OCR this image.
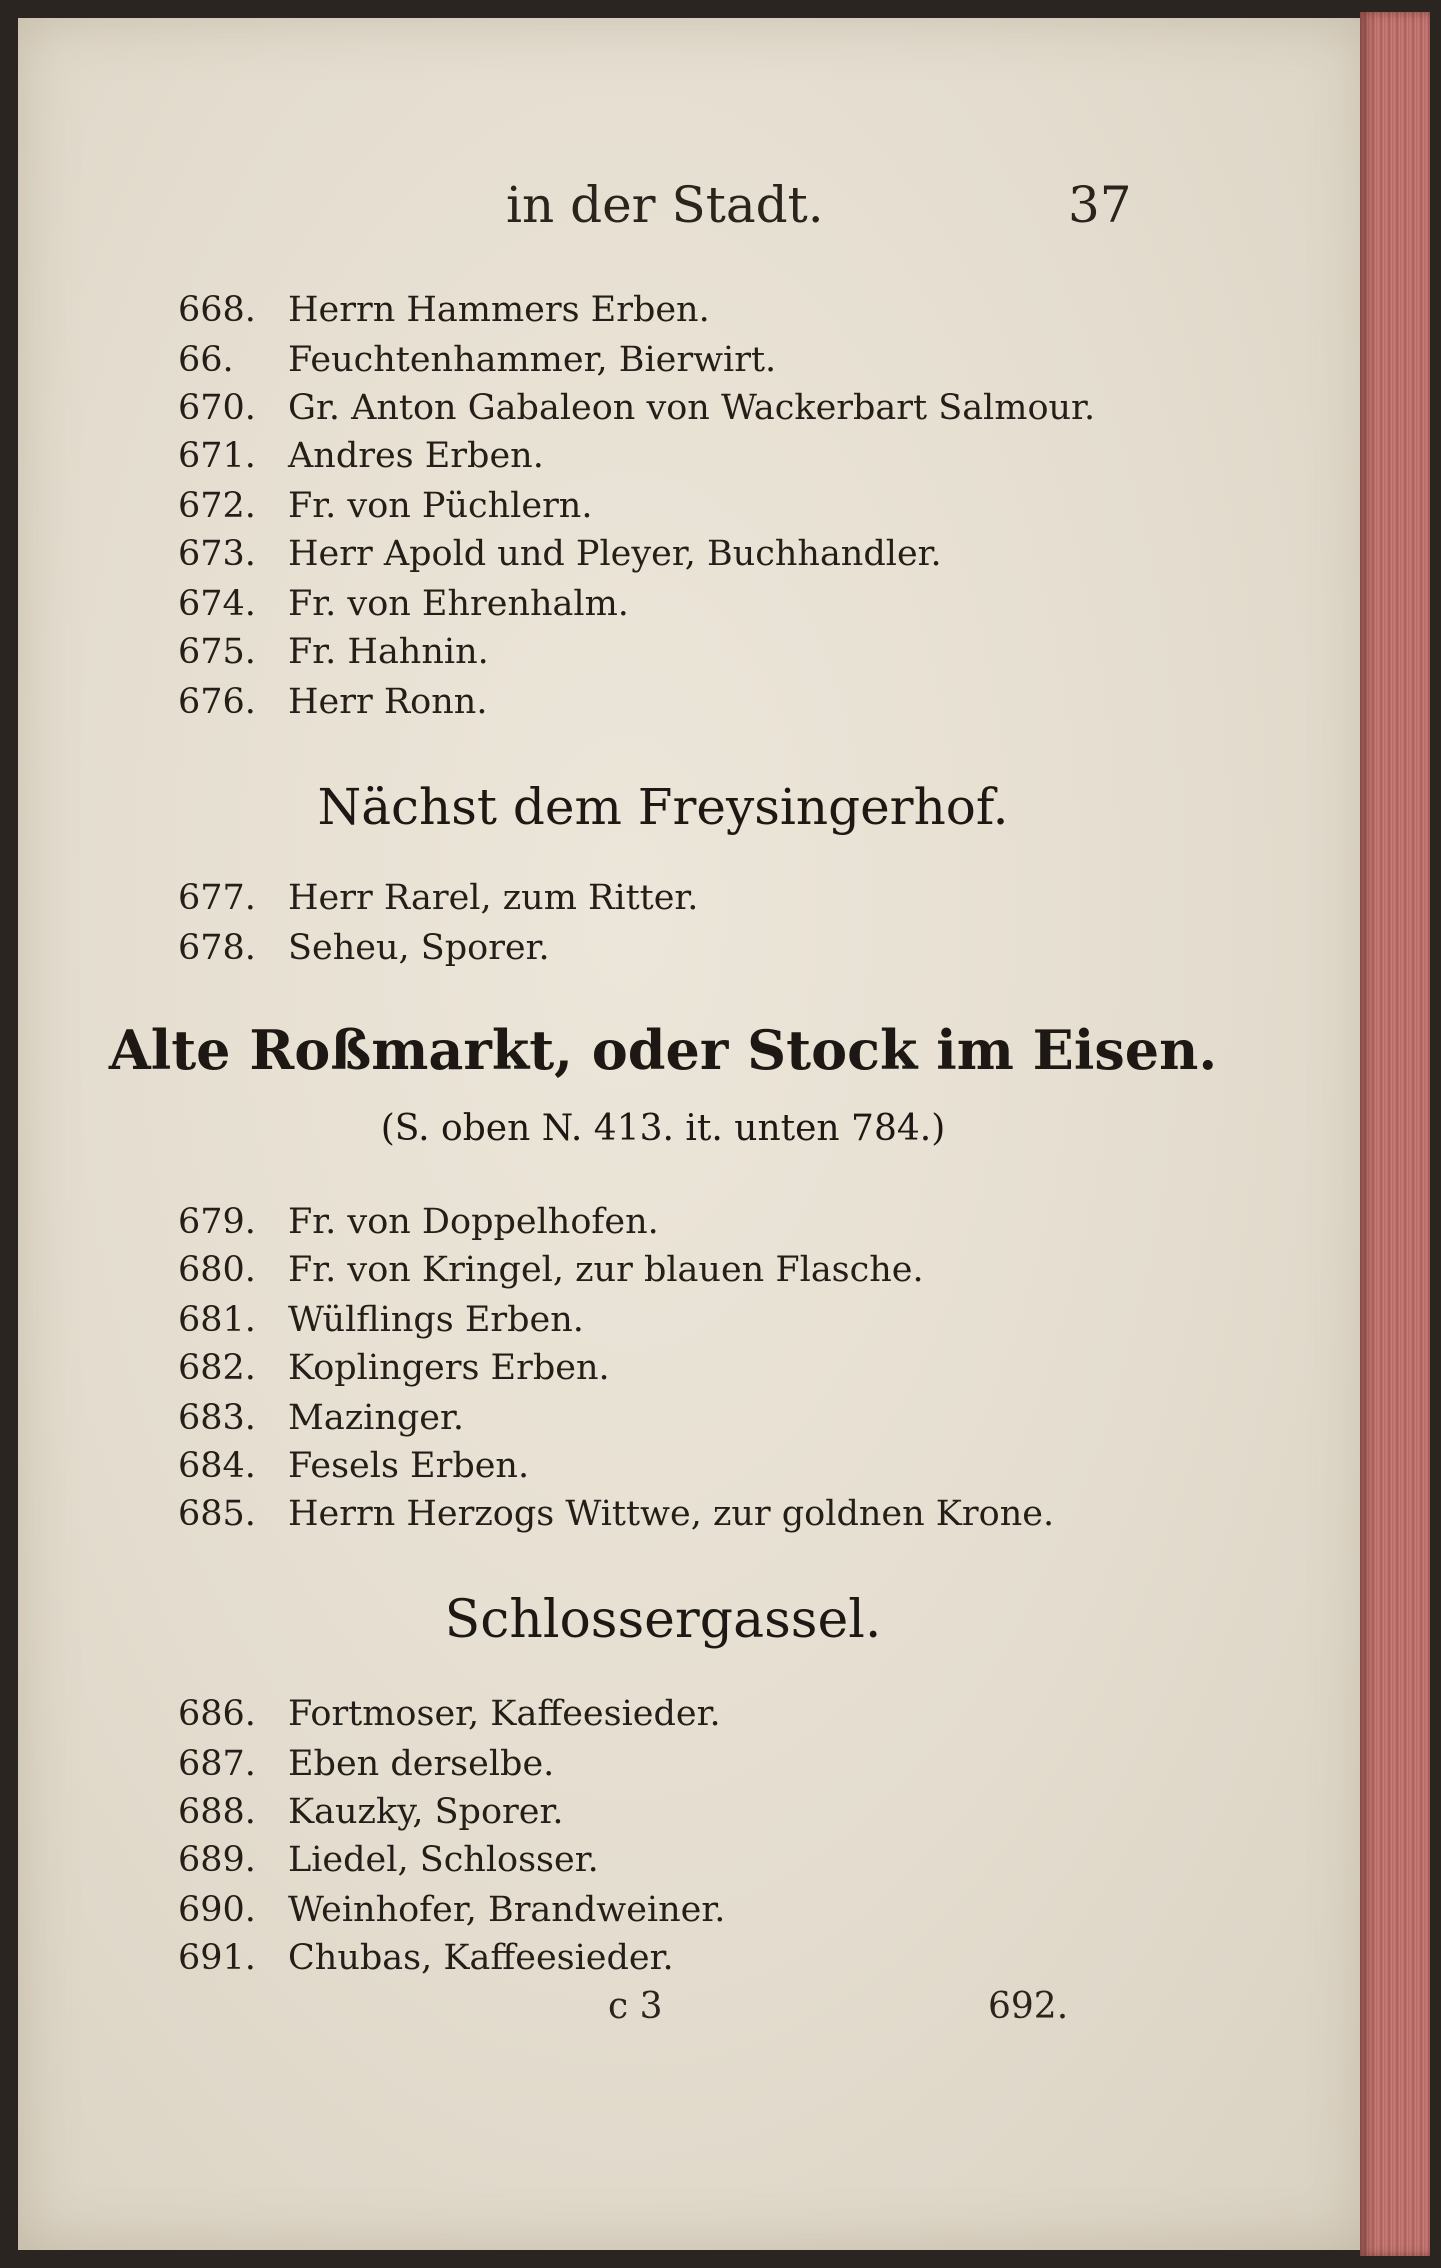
in der Stadt.	37
668. Herrn Hammers Erben.
66. Feuchtenhammer, Bierwirt.
670. Gr. Anton Gabaleon von Wackerbart Salmour.
671. Andres Erben.
672. Fr. von Püchlern.
673. Herr Apold und Pleyer, Buchhandler.
674. Fr. von Ehrenhalm.
675. Fr. Hahnin.
676. Herr Ronn.
Nächst dem Freysingerhof.
677. Herr Rarel, zum Ritter.
678. Seheu, Sporer.
Alte Roßmarkt, oder Stock im Eisen.
(S. oben N. 413. it. unten 784.)
679. Fr. von Doppelhofen.
680. Fr. von Kringel, zur blauen Flasche.
681. Wülflings Erben.
682. Koplingers Erben.
683. Mazinger.
684. Fesels Erben.
685. Herrn Herzogs Wittwe, zur goldnen Krone.
Schlossergassel.
686. Fortmoser, Kaffeesieder.
687. Eben derselbe.
688. Kauzky, Sporer.
689. Liedel, Schlosser.
690. Weinhofer, Brandweiner.
691. Chubas, Kaffeesieder.
c 3	692.
